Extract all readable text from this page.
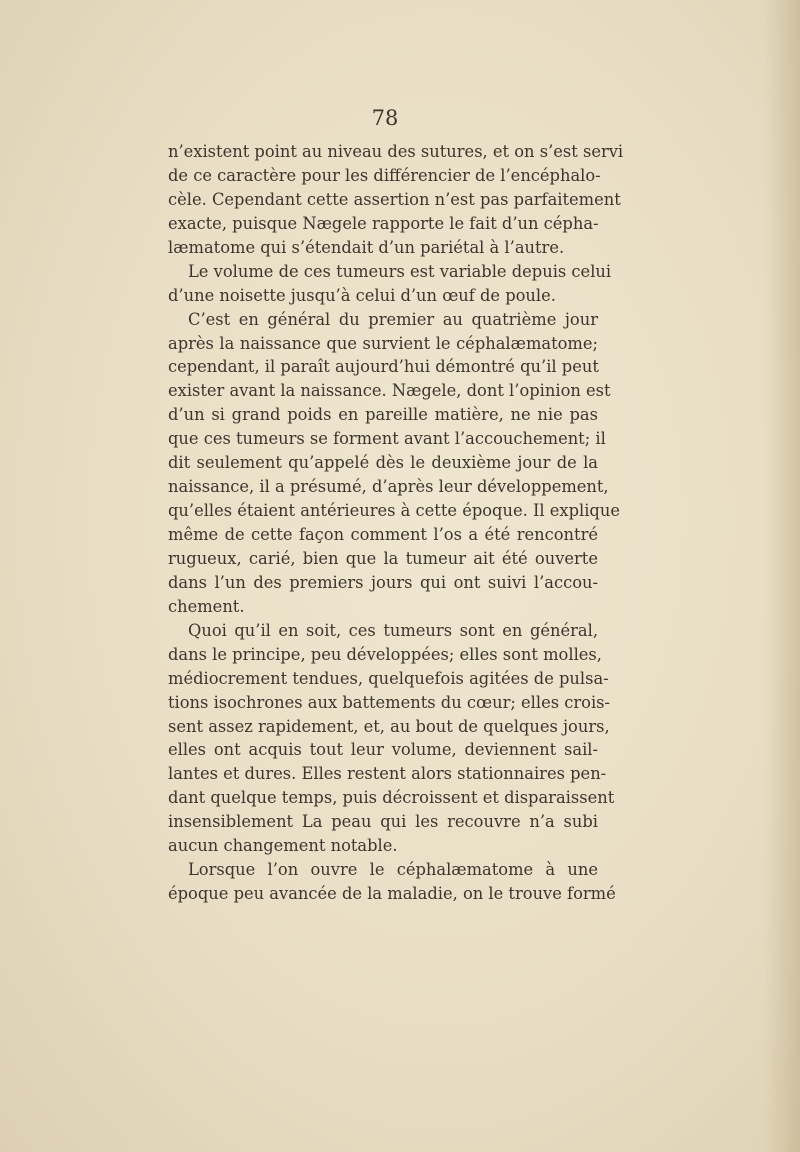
78
n’existent point au niveau des sutures, et on s’est servi
de ce caractère pour les différencier de l’encéphalo-
cèle. Cependant cette assertion n’est pas parfaitement
exacte, puisque Nægele rapporte le fait d’un cépha-
læmatome qui s’étendait d’un pariétal à l’autre.
Le volume de ces tumeurs est variable depuis celui
d’une noisette jusqu’à celui d’un œuf de poule.
C’est en général du premier au quatrième jour
après la naissance que survient le céphalæmatome;
cependant, il paraît aujourd’hui démontré qu’il peut
exister avant la naissance. Nægele, dont l’opinion est
d’un si grand poids en pareille matière, ne nie pas
que ces tumeurs se forment avant l’accouchement; il
dit seulement qu’appelé dès le deuxième jour de la
naissance, il a présumé, d’après leur développement,
qu’elles étaient antérieures à cette époque. Il explique
même de cette façon comment l’os a été rencontré
rugueux, carié, bien que la tumeur ait été ouverte
dans l’un des premiers jours qui ont suivi l’accou-
chement.
Quoi qu’il en soit, ces tumeurs sont en général,
dans le principe, peu développées; elles sont molles,
médiocrement tendues, quelquefois agitées de pulsa-
tions isochrones aux battements du cœur; elles crois-
sent assez rapidement, et, au bout de quelques jours,
elles ont acquis tout leur volume, deviennent sail-
lantes et dures. Elles restent alors stationnaires pen-
dant quelque temps, puis décroissent et disparaissent
insensiblement La peau qui les recouvre n’a subi
aucun changement notable.
Lorsque l’on ouvre le céphalæmatome à une
époque peu avancée de la maladie, on le trouve formé
